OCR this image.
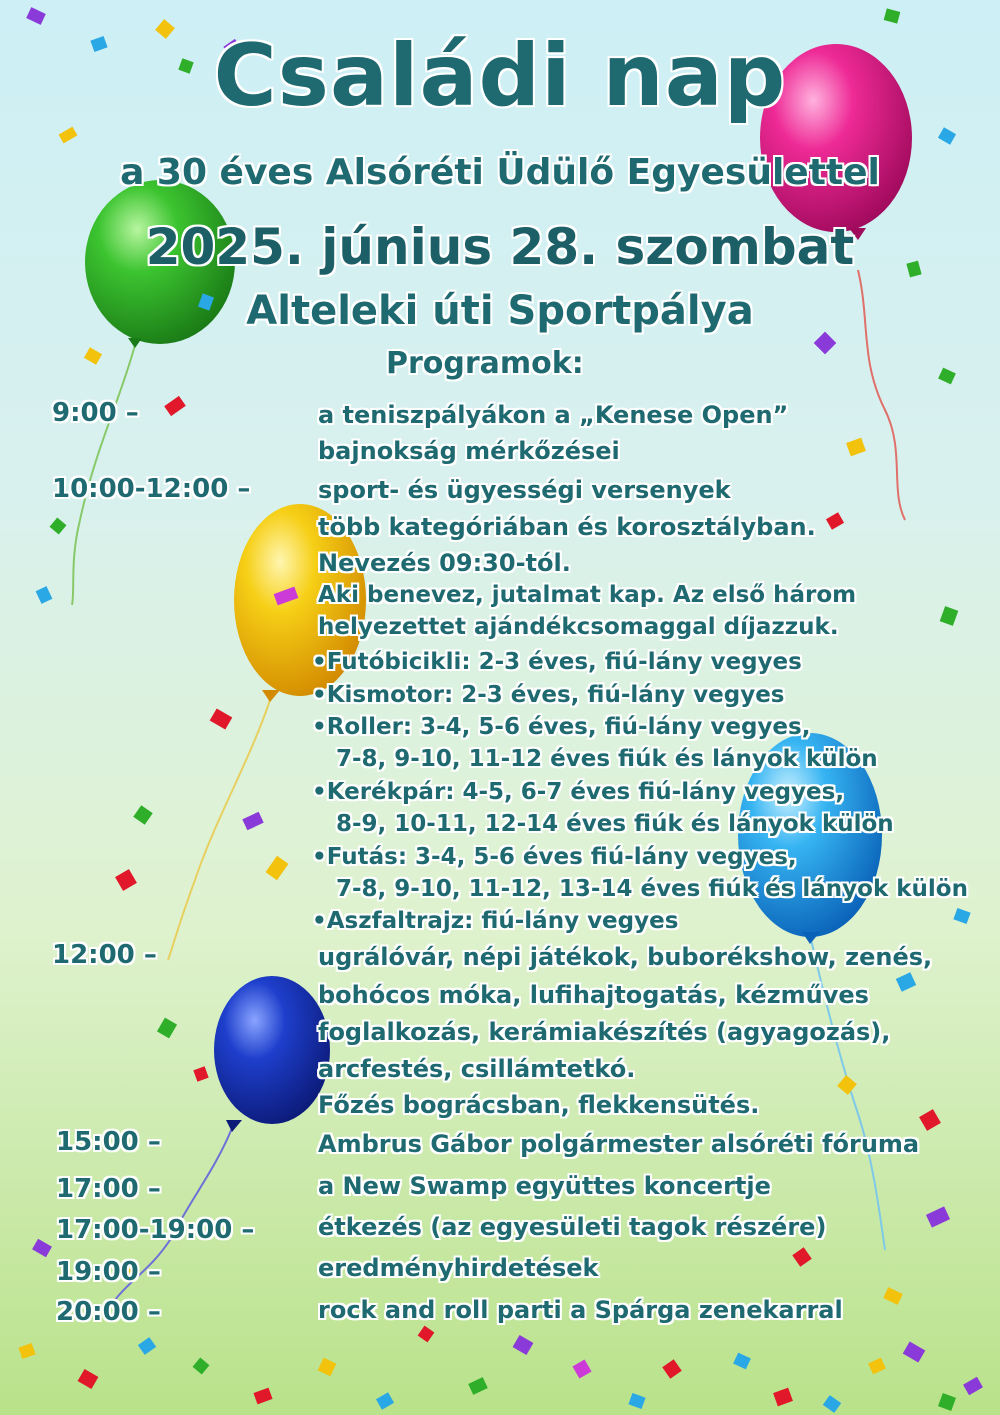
Családi nap
a 30 éves Alsóréti Üdülő Egyesülettel
2025. június 28. szombat
Alteleki úti Sportpálya
Programok:
9:00 –
10:00-12:00 –
12:00 –
15:00 –
17:00 –
17:00-19:00 –
19:00 –
20:00 –
a teniszpályákon a „Kenese Open”
bajnokság mérkőzései
sport- és ügyességi versenyek
több kategóriában és korosztályban.
Nevezés 09:30-tól.
Aki benevez, jutalmat kap. Az első három
helyezettet ajándékcsomaggal díjazzuk.
•Futóbicikli: 2-3 éves, fiú-lány vegyes
•Kismotor: 2-3 éves, fiú-lány vegyes
•Roller: 3-4, 5-6 éves, fiú-lány vegyes,
7-8, 9-10, 11-12 éves fiúk és lányok külön
•Kerékpár: 4-5, 6-7 éves fiú-lány vegyes,
8-9, 10-11, 12-14 éves fiúk és lányok külön
•Futás: 3-4, 5-6 éves fiú-lány vegyes,
7-8, 9-10, 11-12, 13-14 éves fiúk és lányok külön
•Aszfaltrajz: fiú-lány vegyes
ugrálóvár, népi játékok, buborékshow, zenés,
bohócos móka, lufihajtogatás, kézműves
foglalkozás, kerámiakészítés (agyagozás),
arcfestés, csillámtetkó.
Főzés bográcsban, flekkensütés.
Ambrus Gábor polgármester alsóréti fóruma
a New Swamp együttes koncertje
étkezés (az egyesületi tagok részére)
eredményhirdetések
rock and roll parti a Spárga zenekarral
